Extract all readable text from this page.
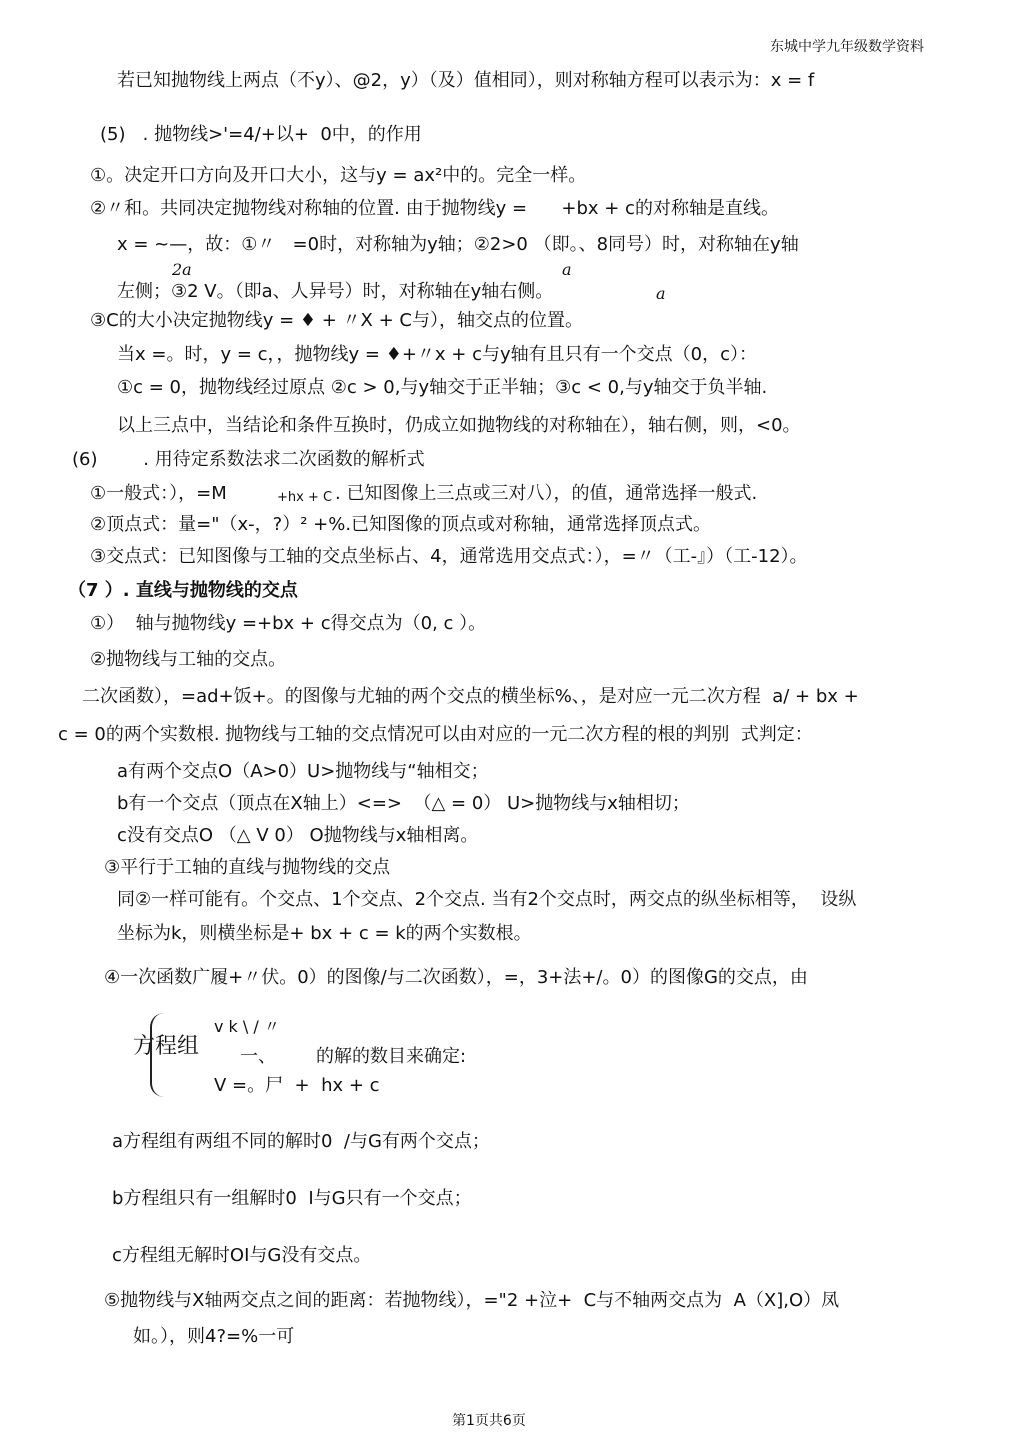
东城中学九年级数学资料
若已知抛物线上两点（不y）、@2，y）（及）值相同），则对称轴方程可以表示为：x = f
(5)   . 抛物线>'=4/+以+  0中，的作用
①。决定开口方向及开口大小，这与y = ax²中的。完全一样。
②〃和。共同决定抛物线对称轴的位置. 由于抛物线y =      +bx + c的对称轴是直线。
x = ~—，故：①〃   =0时，对称轴为y轴；②2>0 （即。、8同号）时，对称轴在y轴
2a	a
左侧；③2 V。（即a、人异号）时，对称轴在y轴右侧。	a
③C的大小决定抛物线y = ♦ + 〃X + C与），轴交点的位置。
当x =。时，y = c，，抛物线y = ♦+〃x + c与y轴有且只有一个交点（0，c）：
①c = 0，抛物线经过原点 ②c > 0,与y轴交于正半轴；③c < 0,与y轴交于负半轴.
以上三点中，当结论和条件互换时，仍成立如抛物线的对称轴在），轴右侧，则，<0。
(6)        . 用待定系数法求二次函数的解析式
①一般式：），=M	+hx + C . 已知图像上三点或三对八），的值，通常选择一般式.
②顶点式：量="（x-，?）² +%.已知图像的顶点或对称轴，通常选择顶点式。
③交点式：已知图像与工轴的交点坐标占、4，通常选用交点式：），=〃（工-』）（工-12）。
（7 ）. 直线与抛物线的交点
①）  轴与抛物线y =+bx + c得交点为（0, c ）。
②抛物线与工轴的交点。
二次函数），=ad+饭+。的图像与尤轴的两个交点的横坐标%、，是对应一元二次方程  a/ + bx +
c = 0的两个实数根. 抛物线与工轴的交点情况可以由对应的一元二次方程的根的判别  式判定：
a有两个交点O（A>0）U>抛物线与“轴相交；
b有一个交点（顶点在X轴上）<=>  （△ = 0） U>抛物线与x轴相切；
c没有交点O （△ V 0） O抛物线与x轴相离。
③平行于工轴的直线与抛物线的交点
同②一样可能有。个交点、1个交点、2个交点. 当有2个交点时，两交点的纵坐标相等，  设纵
坐标为k，则横坐标是+ bx + c = k的两个实数根。
④一次函数广履+〃伏。0）的图像/与二次函数），=，3+法+/。0）的图像G的交点，由
v k \ / 〃
方程组 一、       的解的数目来确定:
V =。尸  +  hx + c
a方程组有两组不同的解时0  /与G有两个交点；
b方程组只有一组解时0  I与G只有一个交点；
c方程组无解时OI与G没有交点。
⑤抛物线与X轴两交点之间的距离：若抛物线），="2 +泣+  C与不轴两交点为  A（X],O）凤
如。），则4?=%一可
第1页共6页
